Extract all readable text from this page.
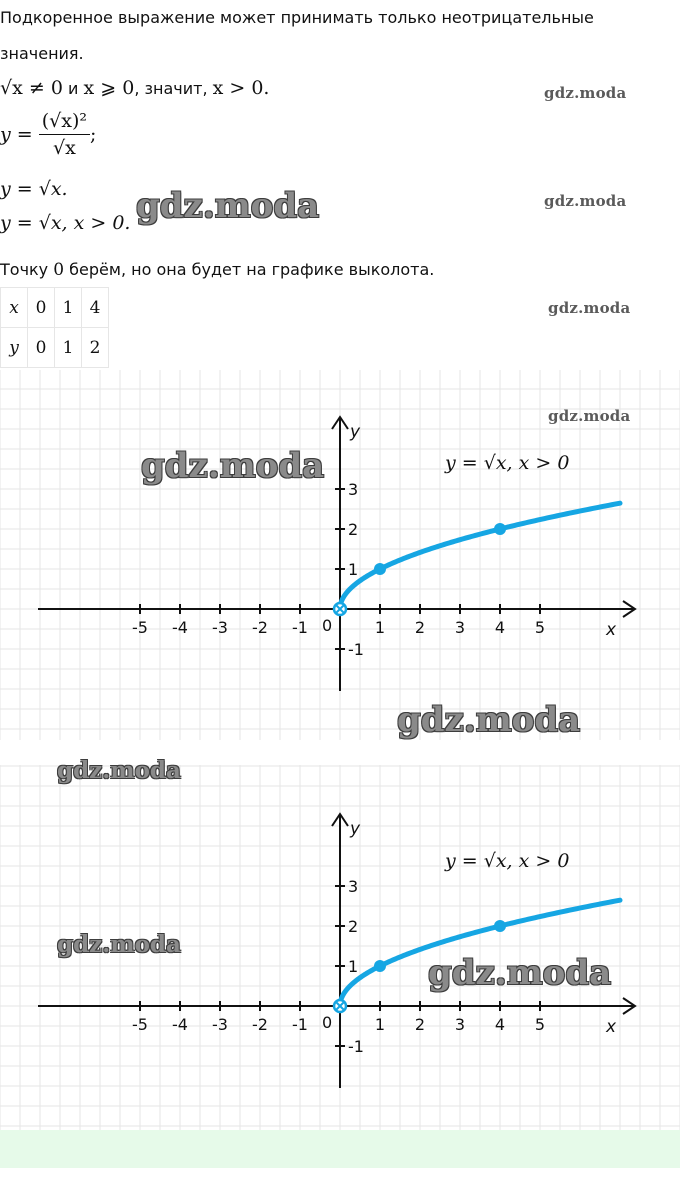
Подкоренное выражение может принимать только неотрицательные
значения.
√x ≠ 0 и x ⩾ 0, значит, x > 0.
$y = \frac{\text{(√x)²}}{√x}$ ;
y = √x.
y = √x, x > 0.
Точку 0 берём, но она будет на графике выколота.
gdz.moda
gdz.moda
gdz.moda
gdz.moda
x	0	1	4
y	0	1	2
x
y
0
-5 -4 -3 -2 -1	1 2 3 4 5
3
2
1
-1
y = √x, x > 0
gdz.moda
gdz.moda
gdz.moda
x
y
0
-5 -4 -3 -2 -1	1 2 3 4 5
3
2
1
-1
y = √x, x > 0
gdz.moda
gdz.moda
gdz.moda
